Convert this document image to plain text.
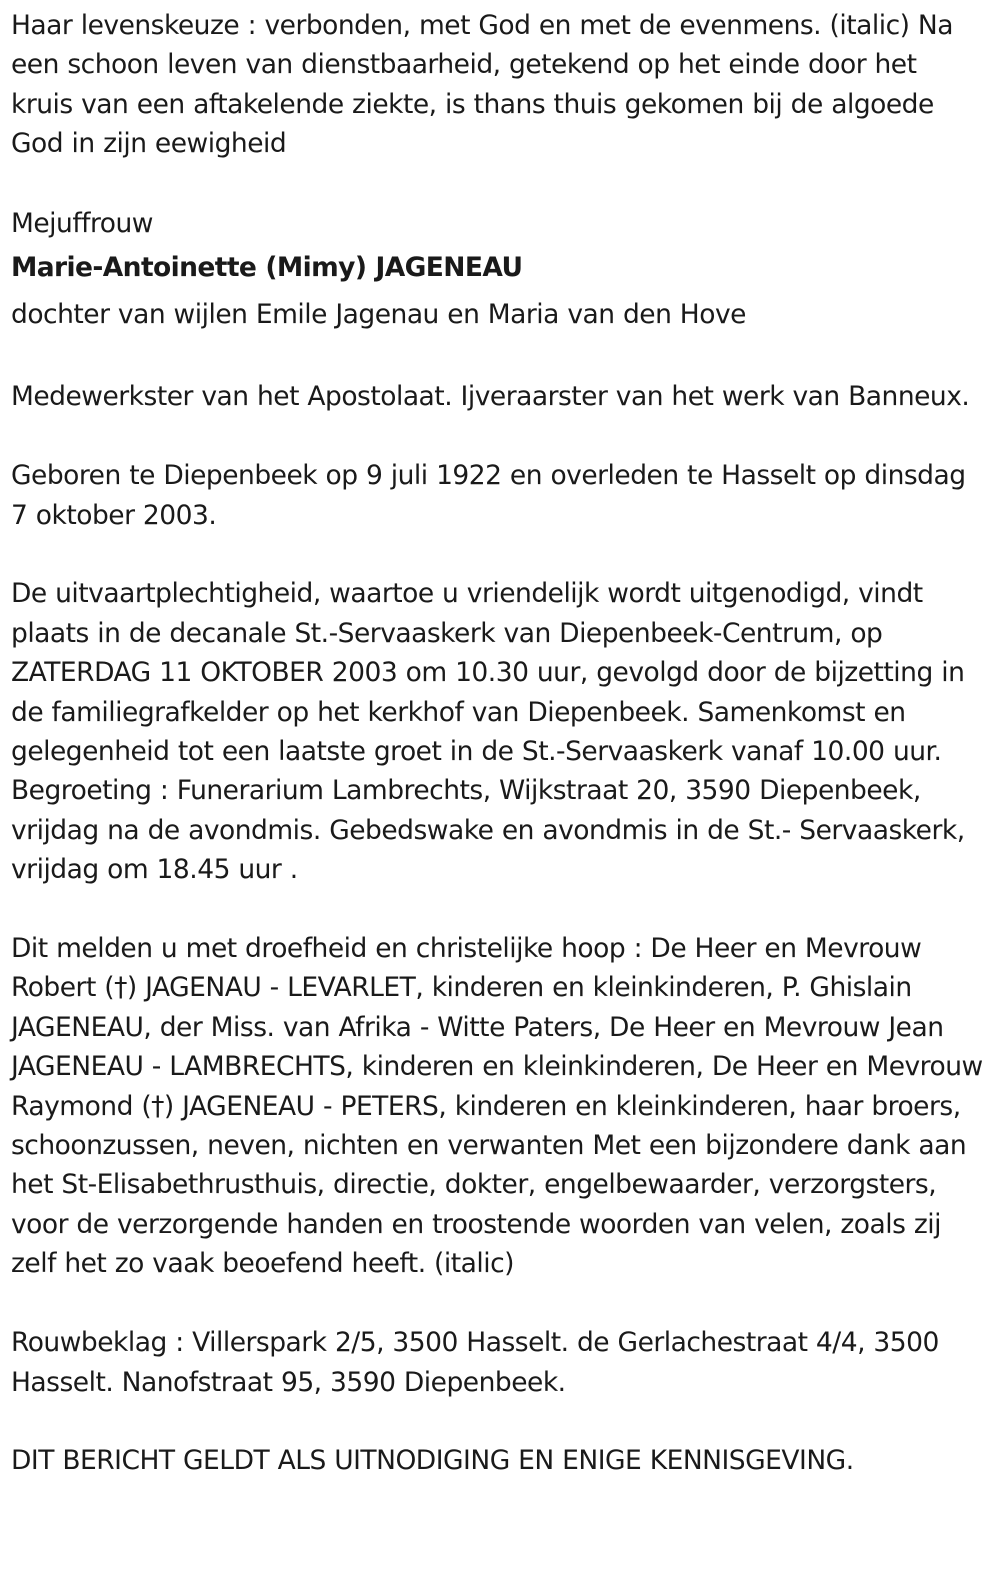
Haar levenskeuze : verbonden, met God en met de evenmens. (italic) Na een schoon leven van dienstbaarheid, getekend op het einde door het kruis van een aftakelende ziekte, is thans thuis gekomen bij de algoede God in zijn eewigheid

Mejuffrouw

Marie-Antoinette (Mimy) JAGENEAU

dochter van wijlen Emile Jagenau en Maria van den Hove

Medewerkster van het Apostolaat. Ijveraarster van het werk van Banneux.

Geboren te Diepenbeek op 9 juli 1922 en overleden te Hasselt op dinsdag 7 oktober 2003.

De uitvaartplechtigheid, waartoe u vriendelijk wordt uitgenodigd, vindt plaats in de decanale St.-Servaaskerk van Diepenbeek-Centrum, op ZATERDAG 11 OKTOBER 2003 om 10.30 uur, gevolgd door de bijzetting in de familiegrafkelder op het kerkhof van Diepenbeek. Samenkomst en gelegenheid tot een laatste groet in de St.-Servaaskerk vanaf 10.00 uur. Begroeting : Funerarium Lambrechts, Wijkstraat 20, 3590 Diepenbeek, vrijdag na de avondmis. Gebedswake en avondmis in de St.- Servaaskerk, vrijdag om 18.45 uur .

Dit melden u met droefheid en christelijke hoop : De Heer en Mevrouw Robert (†) JAGENAU - LEVARLET, kinderen en kleinkinderen, P. Ghislain JAGENEAU, der Miss. van Afrika - Witte Paters, De Heer en Mevrouw Jean JAGENEAU - LAMBRECHTS, kinderen en kleinkinderen, De Heer en Mevrouw Raymond (†) JAGENEAU - PETERS, kinderen en kleinkinderen, haar broers, schoonzussen, neven, nichten en verwanten Met een bijzondere dank aan het St-Elisabethrusthuis, directie, dokter, engelbewaarder, verzorgsters, voor de verzorgende handen en troostende woorden van velen, zoals zij zelf het zo vaak beoefend heeft. (italic)

Rouwbeklag : Villerspark 2/5, 3500 Hasselt. de Gerlachestraat 4/4, 3500 Hasselt. Nanofstraat 95, 3590 Diepenbeek.

DIT BERICHT GELDT ALS UITNODIGING EN ENIGE KENNISGEVING.
